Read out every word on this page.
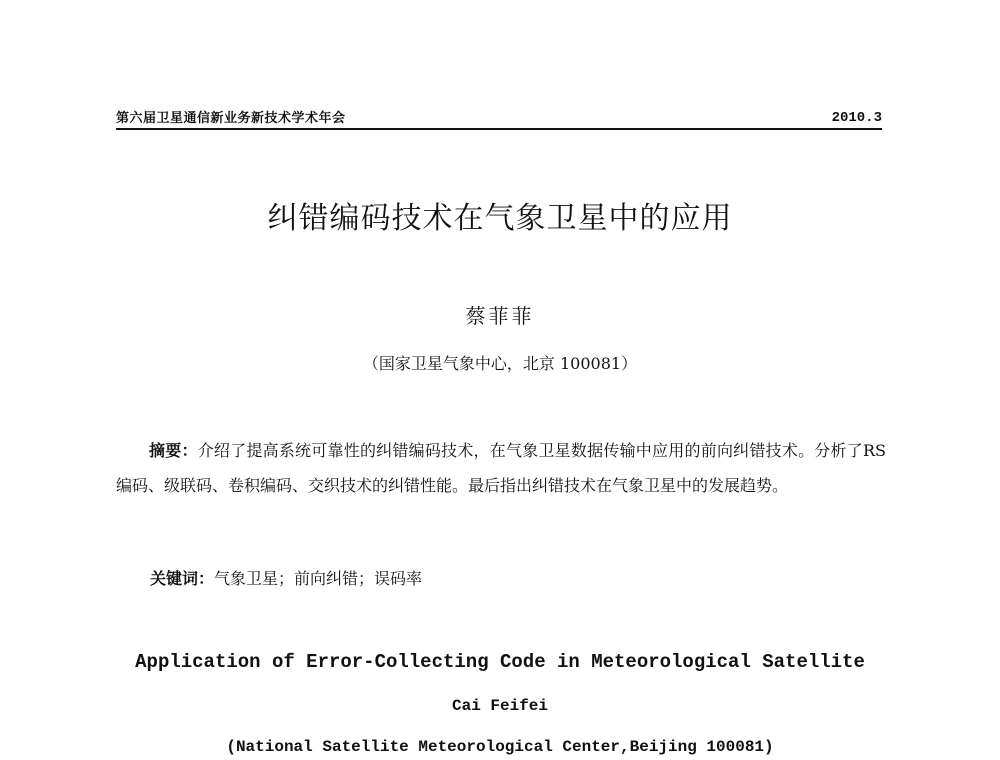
第六届卫星通信新业务新技术学术年会	2010.3
纠错编码技术在气象卫星中的应用
蔡菲菲
（国家卫星气象中心，北京 100081）
摘要：介绍了提高系统可靠性的纠错编码技术，在气象卫星数据传输中应用的前向纠错技术。分析了RS编码、级联码、卷积编码、交织技术的纠错性能。最后指出纠错技术在气象卫星中的发展趋势。
关键词：气象卫星；前向纠错；误码率
Application of Error-Collecting Code in Meteorological Satellite
Cai Feifei
(National Satellite Meteorological Center,Beijing 100081)
